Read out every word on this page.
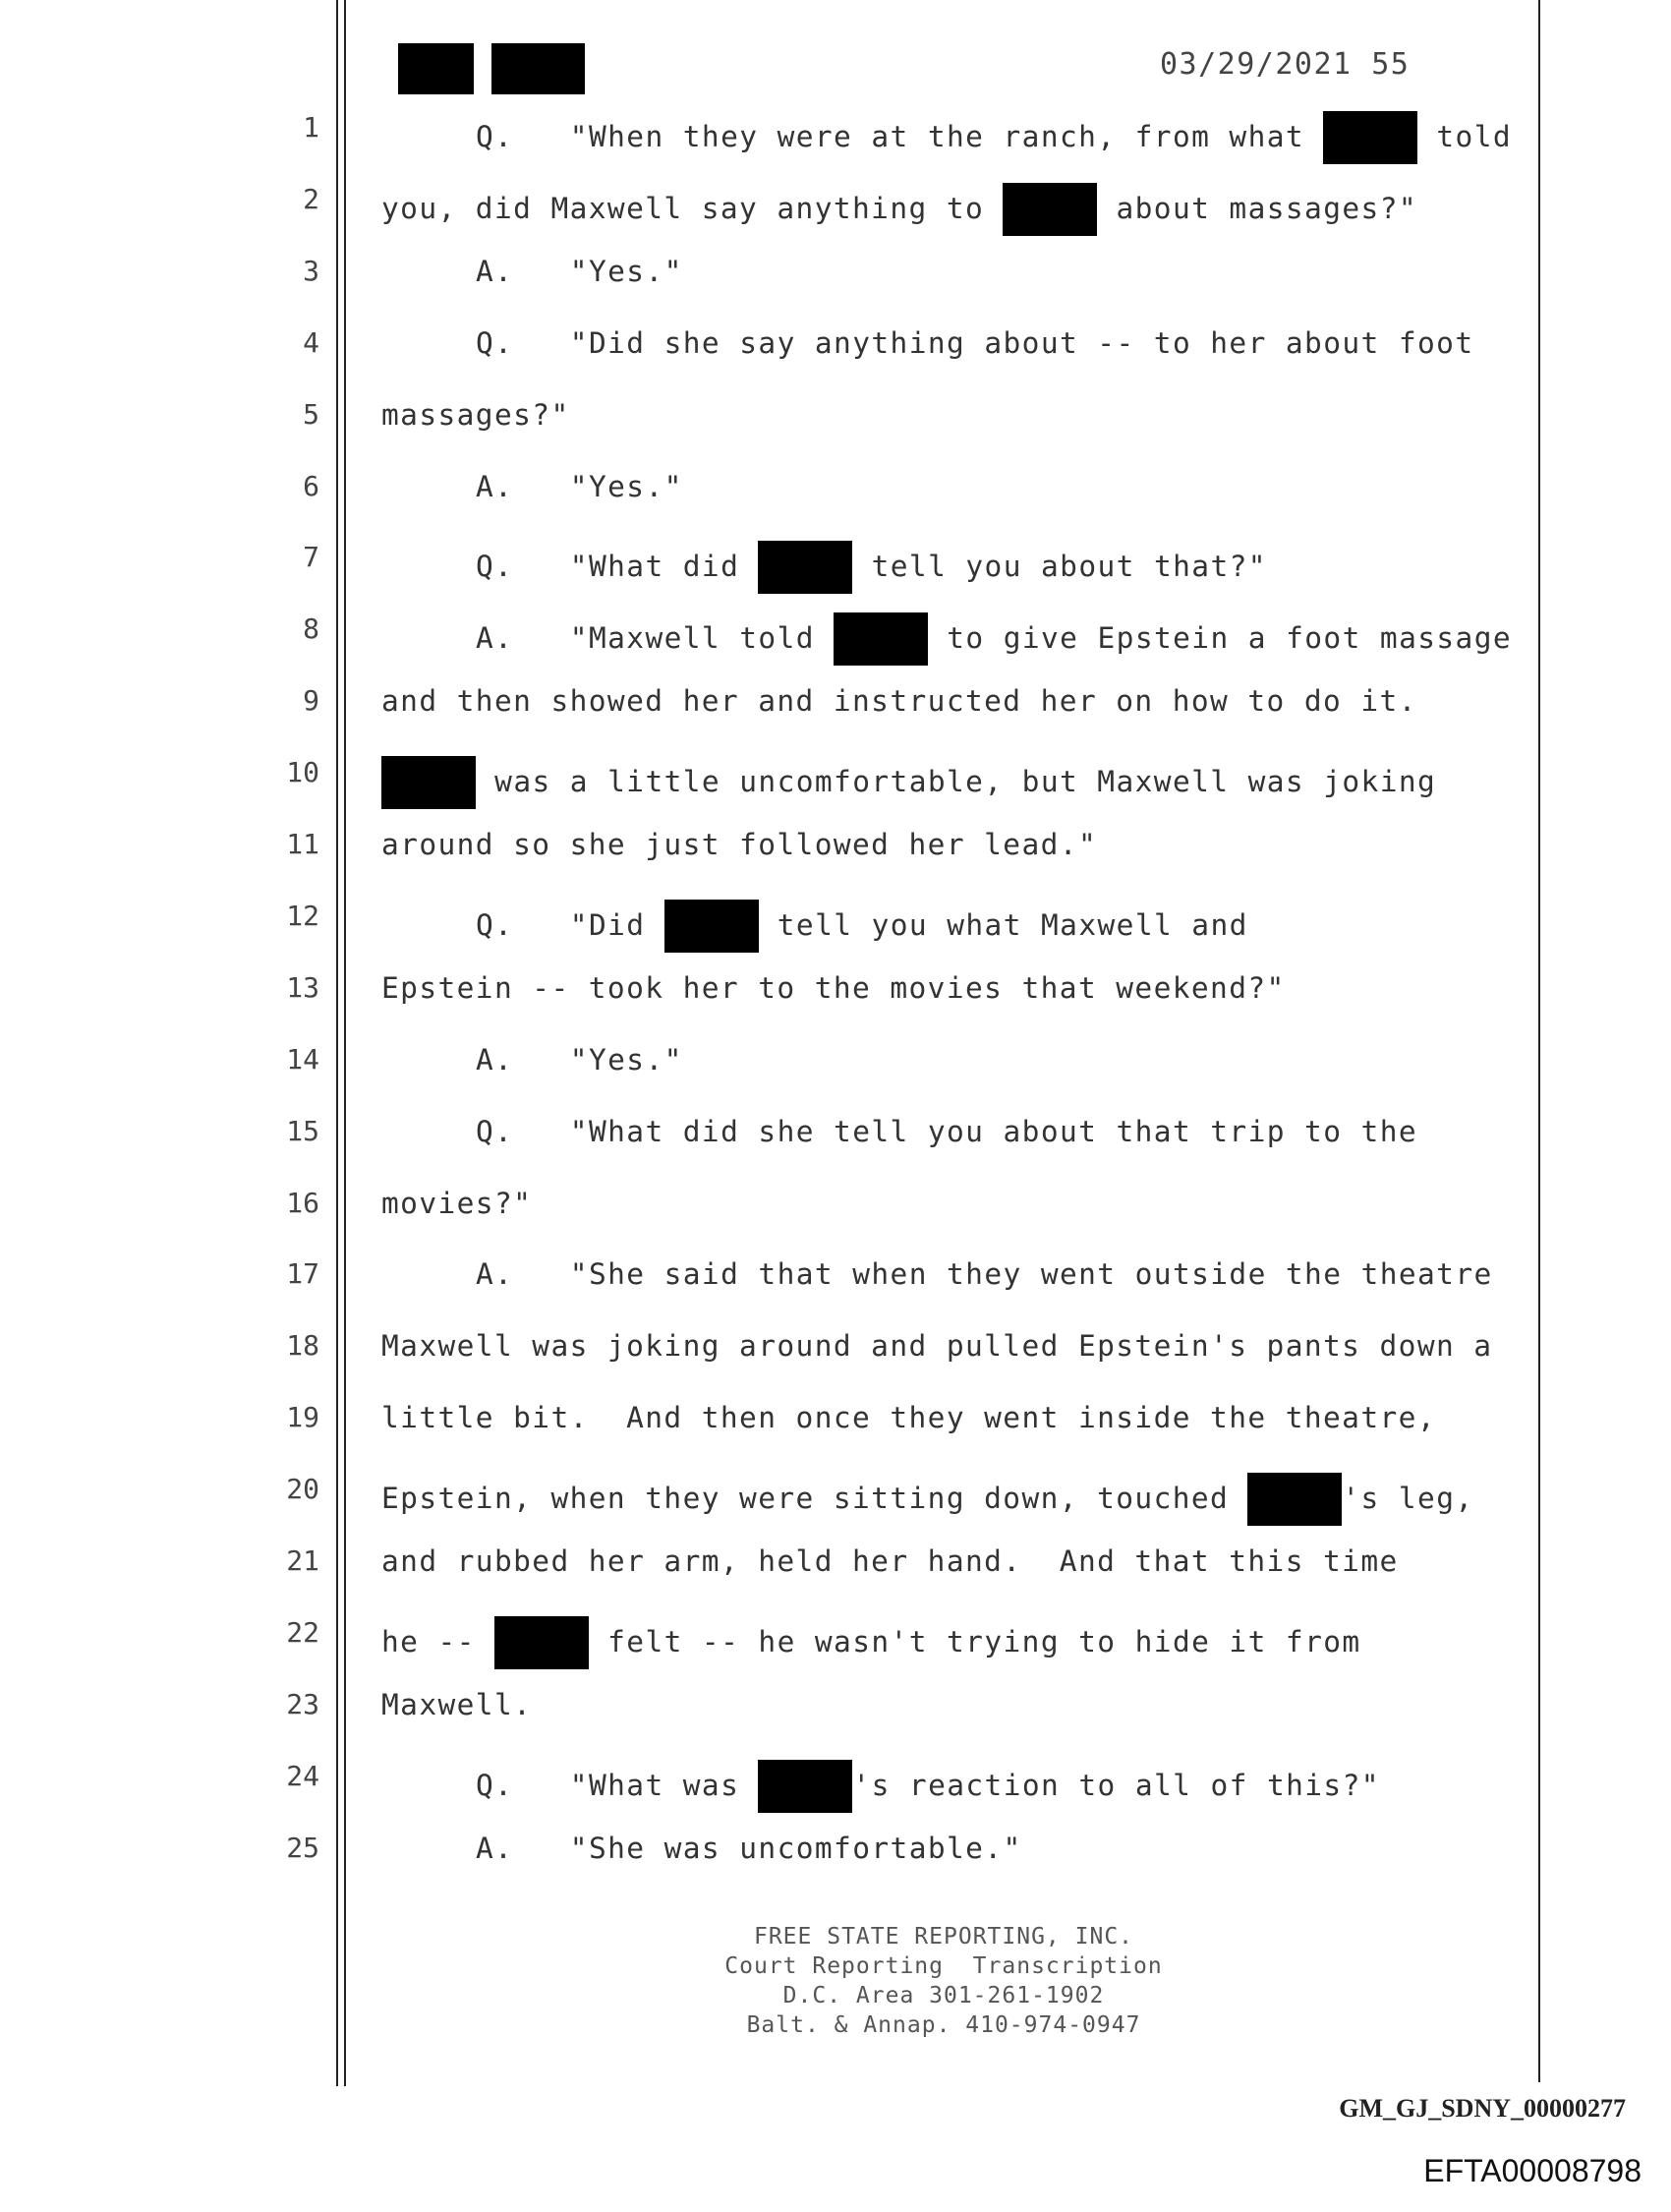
03/29/2021 55
1	Q.   "When they were at the ranch, from what	told
2 you, did Maxwell say anything to	about massages?"
3	A.   "Yes."
4	Q.   "Did she say anything about -- to her about foot
5 massages?"
6	A.   "Yes."
7	Q.   "What did	tell you about that?"
8	A.   "Maxwell told	to give Epstein a foot massage
9 and then showed her and instructed her on how to do it.
10	was a little uncomfortable, but Maxwell was joking
11 around so she just followed her lead."
12	Q.   "Did	tell you what Maxwell and
13 Epstein -- took her to the movies that weekend?"
14	A.   "Yes."
15	Q.   "What did she tell you about that trip to the
16 movies?"
17	A.   "She said that when they went outside the theatre
18 Maxwell was joking around and pulled Epstein's pants down a
19 little bit.  And then once they went inside the theatre,
20 Epstein, when they were sitting down, touched	's leg,
21 and rubbed her arm, held her hand.  And that this time
22 he --	felt -- he wasn't trying to hide it from
23 Maxwell.
24	Q.   "What was	's reaction to all of this?"
25	A.   "She was uncomfortable."
FREE STATE REPORTING, INC.
Court Reporting  Transcription
D.C. Area 301-261-1902
Balt. & Annap. 410-974-0947
GM_GJ_SDNY_00000277
EFTA00008798
